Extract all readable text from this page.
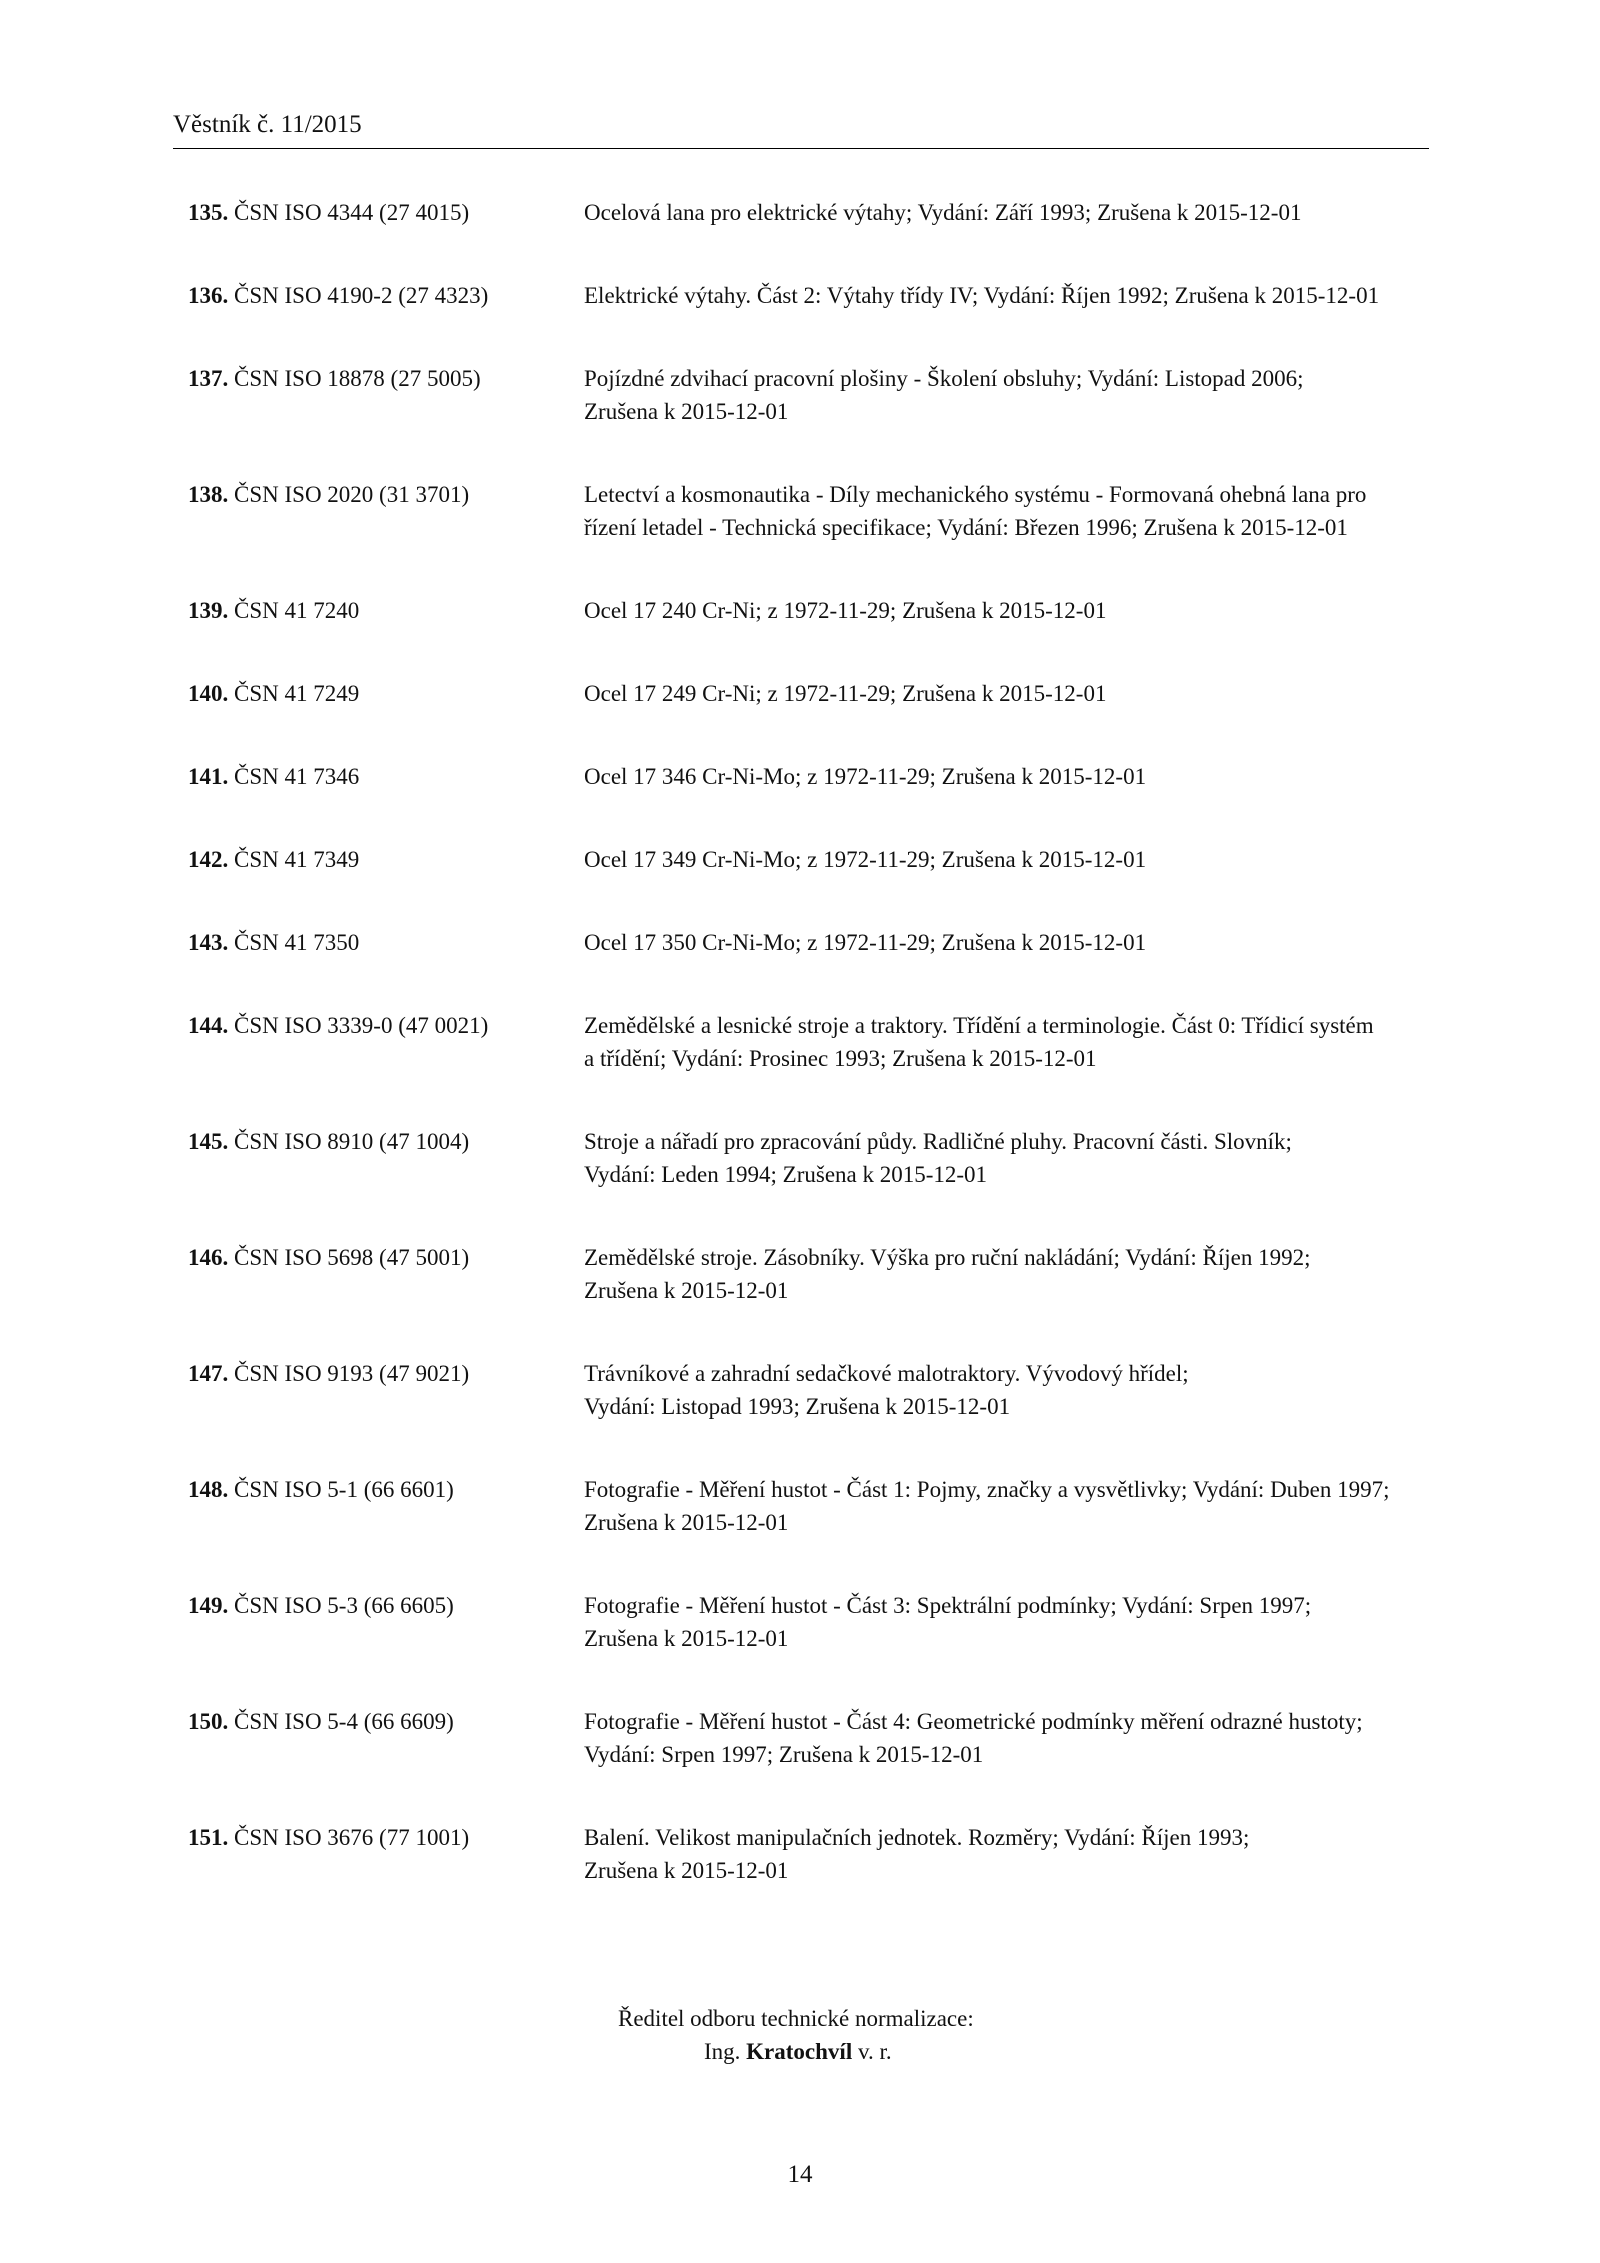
Věstník č. 11/2015
135. ČSN ISO 4344 (27 4015)	Ocelová lana pro elektrické výtahy; Vydání: Září 1993; Zrušena k 2015-12-01
136. ČSN ISO 4190-2 (27 4323)	Elektrické výtahy. Část 2: Výtahy třídy IV; Vydání: Říjen 1992; Zrušena k 2015-12-01
137. ČSN ISO 18878 (27 5005)	Pojízdné zdvihací pracovní plošiny - Školení obsluhy; Vydání: Listopad 2006;
Zrušena k 2015-12-01
138. ČSN ISO 2020 (31 3701)	Letectví a kosmonautika - Díly mechanického systému - Formovaná ohebná lana pro
řízení letadel - Technická specifikace; Vydání: Březen 1996; Zrušena k 2015-12-01
139. ČSN 41 7240	Ocel 17 240 Cr-Ni; z 1972-11-29; Zrušena k 2015-12-01
140. ČSN 41 7249	Ocel 17 249 Cr-Ni; z 1972-11-29; Zrušena k 2015-12-01
141. ČSN 41 7346	Ocel 17 346 Cr-Ni-Mo; z 1972-11-29; Zrušena k 2015-12-01
142. ČSN 41 7349	Ocel 17 349 Cr-Ni-Mo; z 1972-11-29; Zrušena k 2015-12-01
143. ČSN 41 7350	Ocel 17 350 Cr-Ni-Mo; z 1972-11-29; Zrušena k 2015-12-01
144. ČSN ISO 3339-0 (47 0021)	Zemědělské a lesnické stroje a traktory. Třídění a terminologie. Část 0: Třídicí systém
a třídění; Vydání: Prosinec 1993; Zrušena k 2015-12-01
145. ČSN ISO 8910 (47 1004)	Stroje a nářadí pro zpracování půdy. Radličné pluhy. Pracovní části. Slovník;
Vydání: Leden 1994; Zrušena k 2015-12-01
146. ČSN ISO 5698 (47 5001)	Zemědělské stroje. Zásobníky. Výška pro ruční nakládání; Vydání: Říjen 1992;
Zrušena k 2015-12-01
147. ČSN ISO 9193 (47 9021)	Trávníkové a zahradní sedačkové malotraktory. Vývodový hřídel;
Vydání: Listopad 1993; Zrušena k 2015-12-01
148. ČSN ISO 5-1 (66 6601)	Fotografie - Měření hustot - Část 1: Pojmy, značky a vysvětlivky; Vydání: Duben 1997;
Zrušena k 2015-12-01
149. ČSN ISO 5-3 (66 6605)	Fotografie - Měření hustot - Část 3: Spektrální podmínky; Vydání: Srpen 1997;
Zrušena k 2015-12-01
150. ČSN ISO 5-4 (66 6609)	Fotografie - Měření hustot - Část 4: Geometrické podmínky měření odrazné hustoty;
Vydání: Srpen 1997; Zrušena k 2015-12-01
151. ČSN ISO 3676 (77 1001)	Balení. Velikost manipulačních jednotek. Rozměry; Vydání: Říjen 1993;
Zrušena k 2015-12-01
Ředitel odboru technické normalizace:
Ing. Kratochvíl v. r.
14
